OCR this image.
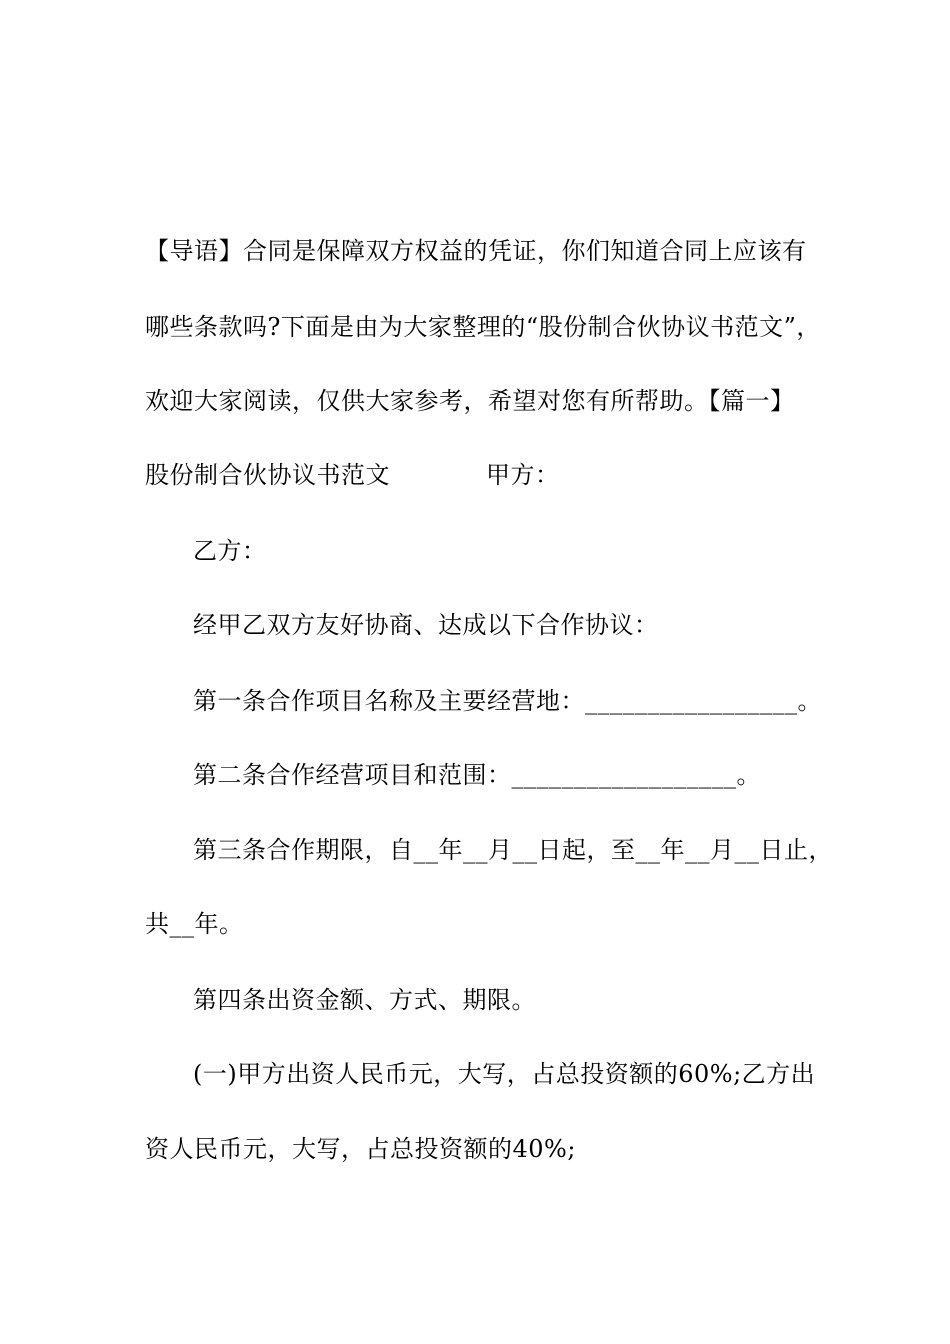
【导语】合同是保障双方权益的凭证，你们知道合同上应该有
哪些条款吗?下面是由为大家整理的“股份制合伙协议书范文”，
欢迎大家阅读，仅供大家参考，希望对您有所帮助。【篇一】
股份制合伙协议书范文	甲方：
乙方：
经甲乙双方友好协商、达成以下合作协议：
第一条合作项目名称及主要经营地：_________________。
第二条合作经营项目和范围：__________________。
第三条合作期限，自__年__月__日起，至__年__月__日止，
共__年。
第四条出资金额、方式、期限。
(一)甲方出资人民币元，大写，占总投资额的60%;乙方出
资人民币元，大写，占总投资额的40%;
